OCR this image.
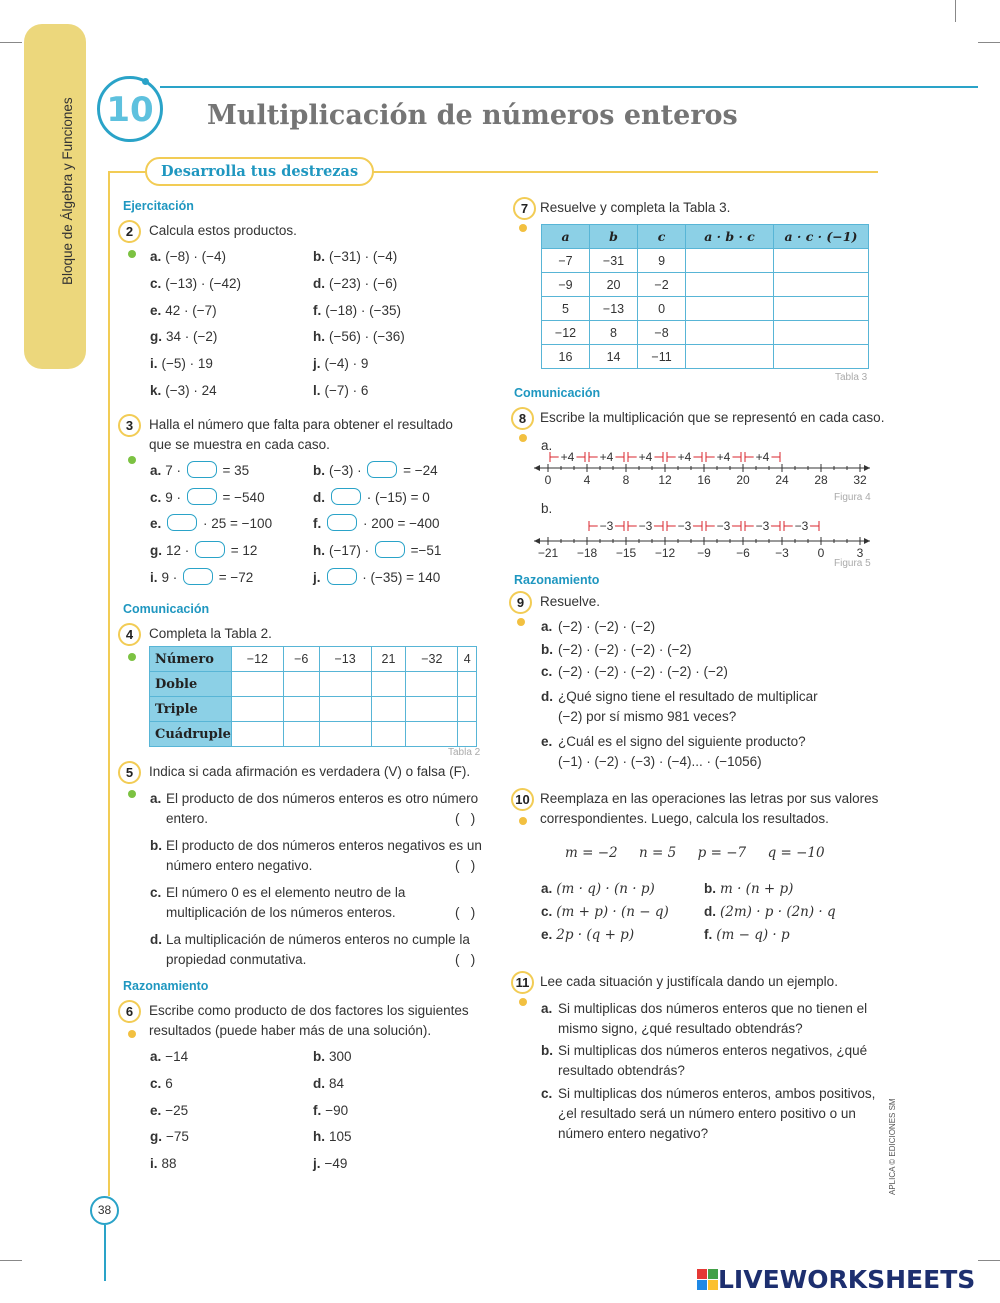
Bloque de Álgebra y Funciones 10 Multiplicación de números enteros
Desarrolla tus destrezas
38
Ejercitación
2	Calcula estos productos.
a. (−8) · (−4)	b. (−31) · (−4)
c. (−13) · (−42)	d. (−23) · (−6)
e. 42 · (−7)	f. (−18) · (−35)
g. 34 · (−2)	h. (−56) · (−36)
i. (−5) · 19	j. (−4) · 9
k. (−3) · 24	l. (−7) · 6
3	Halla el número que falta para obtener el resultado que se muestra en cada caso.
a. 7 ·	= 35	b. (−3) ·	= −24
c. 9 ·	= −540	d.	· (−15) = 0
e.	· 25 = −100	f.	· 200 = −400
g. 12 ·	= 12	h. (−17) ·	=−51
i. 9 ·	= −72	j.	· (−35) = 140
Comunicación
4	Completa la Tabla 2.
Número	−12	−6	−13	21	−32	4
Doble						
Triple						
Cuádruple						
Tabla 2
5	Indica si cada afirmación es verdadera (V) o falsa (F).
a. El producto de dos números enteros es otro número
entero.	(   )
b. El producto de dos números enteros negativos es un
número entero negativo.	(   )
c. El número 0 es el elemento neutro de la
multiplicación de los números enteros.	(   )
d. La multiplicación de números enteros no cumple la
propiedad conmutativa.	(   )
Razonamiento
6	Escribe como producto de dos factores los siguientes resultados (puede haber más de una solución).
a. −14	b. 300
c. 6	d. 84
e. −25	f. −90
g. −75	h. 105
i. 88	j. −49
7 Resuelve y completa la Tabla 3.
a	b	c	a · b · c	a · c · (−1)
−7	−31	9		
−9	20	−2		
5	−13	0		
−12	8	−8		
16	14	−11		
Tabla 3
Comunicación
8	Escribe la multiplicación que se representó en cada caso.
a.
0	4	8 12 16 20 24 28 32
+4 +4 +4 +4 +4 +4
Figura 4
b.
−21 −18 −15 −12 −9 −6 −3 0	3
−3 −3 −3 −3 −3 −3
Figura 5
Razonamiento
9	Resuelve.
a. (−2) · (−2) · (−2)
b. (−2) · (−2) · (−2) · (−2)
c. (−2) · (−2) · (−2) · (−2) · (−2)
d. ¿Qué signo tiene el resultado de multiplicar
(−2) por sí mismo 981 veces?
e. ¿Cuál es el signo del siguiente producto?
(−1) · (−2) · (−3) · (−4)... · (−1056)
10 Reemplaza en las operaciones las letras por sus valores
correspondientes. Luego, calcula los resultados.
m = −2     n = 5     p = −7     q = −10
a. (m · q) · (n · p)	b. m · (n + p)
c. (m + p) · (n − q)	d. (2m) · p · (2n) · q
e. 2p · (q + p)	f. (m − q) · p
11 Lee cada situación y justifícala dando un ejemplo.
a. Si multiplicas dos números enteros que no tienen el
mismo signo, ¿qué resultado obtendrás?
b. Si multiplicas dos números enteros negativos, ¿qué
resultado obtendrás?
c. Si multiplicas dos números enteros, ambos positivos,
¿el resultado será un número entero positivo o un
número entero negativo?	APLICA © EDICIONES SM
LIVEWORKSHEETS
